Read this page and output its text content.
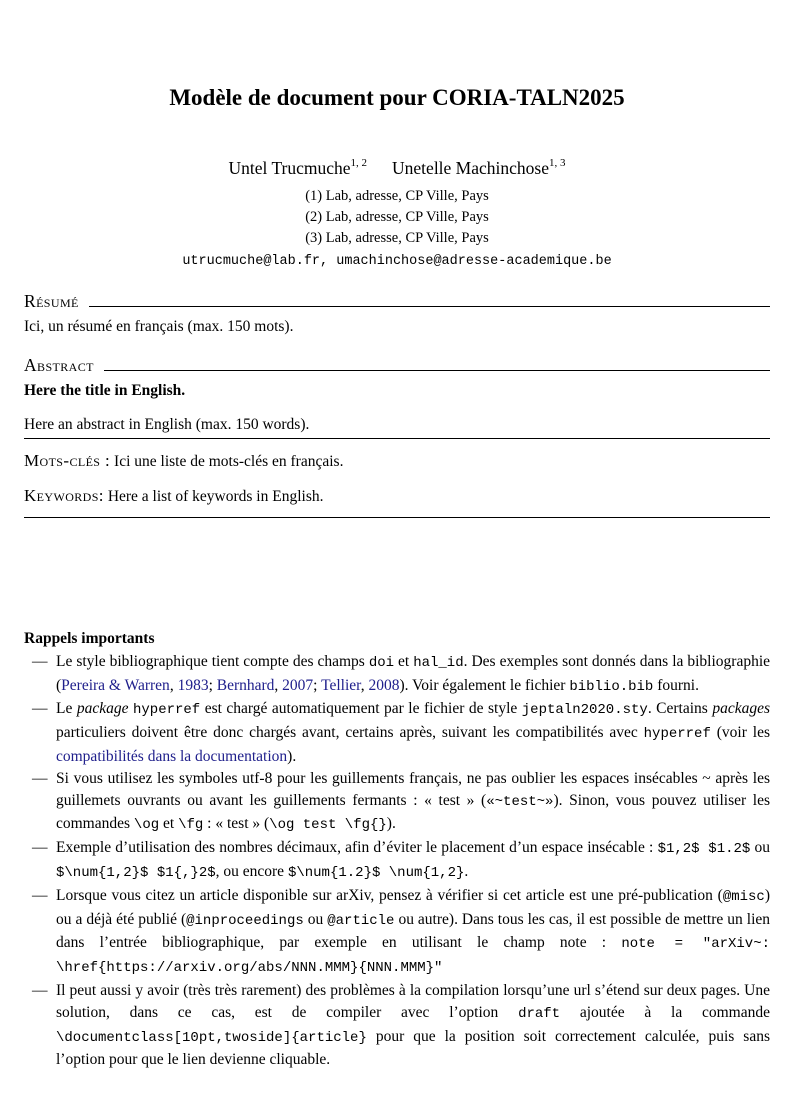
Modèle de document pour CORIA-TALN2025
Untel Trucmuche$^{1, 2}$ Unetelle Machinchose$^{1, 3}$
(1) Lab, adresse, CP Ville, Pays
(2) Lab, adresse, CP Ville, Pays
(3) Lab, adresse, CP Ville, Pays
utrucmuche@lab.fr, umachinchose@adresse-academique.be
Résumé

Ici, un résumé en français (max. 150 mots).

Abstract

Here the title in English.

Here an abstract in English (max. 150 words).

Mots-clés : Ici une liste de mots-clés en français.

Keywords: Here a list of keywords in English.

Rappels importants

— Le style bibliographique tient compte des champs doi et hal_id. Des exemples sont donnés dans la bibliographie (Pereira & Warren, 1983; Bernhard, 2007; Tellier, 2008). Voir également le fichier biblio.bib fourni.
— Le package hyperref est chargé automatiquement par le fichier de style jeptaln2020.sty. Certains packages particuliers doivent être donc chargés avant, certains après, suivant les compatibilités avec hyperref (voir les compatibilités dans la documentation).
— Si vous utilisez les symboles utf-8 pour les guillements français, ne pas oublier les espaces insécables ~ après les guillemets ouvrants ou avant les guillements fermants : « test » («~test~»). Sinon, vous pouvez utiliser les commandes \og et \fg : « test » (\og test \fg{}).
— Exemple d’utilisation des nombres décimaux, afin d’éviter le placement d’un espace insécable : $1,2$ $1.2$ ou $\num{1,2}$ $1{,}2$, ou encore $\num{1.2}$ \num{1,2}.
— Lorsque vous citez un article disponible sur arXiv, pensez à vérifier si cet article est une pré-publication (@misc) ou a déjà été publié (@inproceedings ou @article ou autre). Dans tous les cas, il est possible de mettre un lien dans l’entrée bibliographique, par exemple en utilisant le champ note : note = "arXiv~: \href{https://arxiv.org/abs/NNN.MMM}{NNN.MMM}"
— Il peut aussi y avoir (très très rarement) des problèmes à la compilation lorsqu’une url s’étend sur deux pages. Une solution, dans ce cas, est de compiler avec l’option draft ajoutée à la commande \documentclass[10pt,twoside]{article} pour que la position soit correctement calculée, puis sans l’option pour que le lien devienne cliquable.
